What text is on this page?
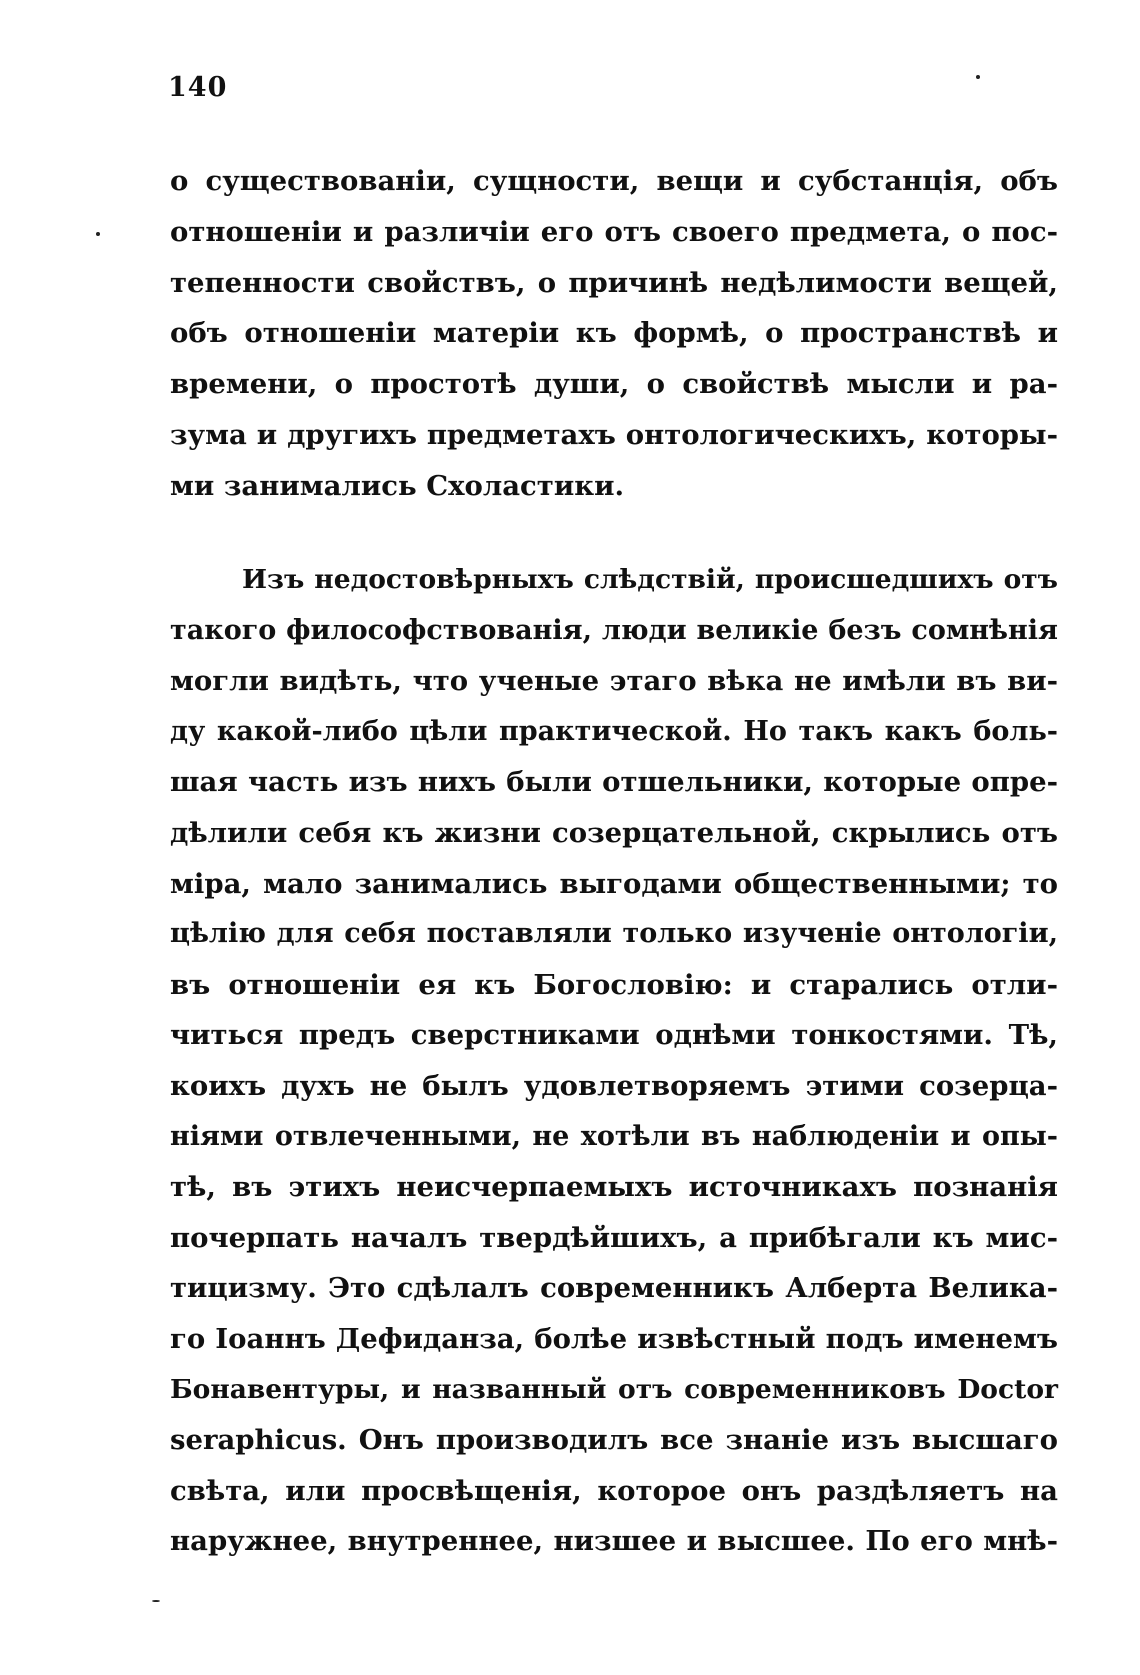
140
о существованіи, сущности, вещи и субстанція, объ
отношеніи и различіи его отъ своего предмета, о пос-
тепенности свойствъ, о причинѣ недѣлимости вещей,
объ отношеніи матеріи къ формѣ, о пространствѣ и
времени, о простотѣ души, о свойствѣ мысли и ра-
зума и другихъ предметахъ онтологическихъ, которы-
ми занимались Схоластики.
Изъ недостовѣрныхъ слѣдствій, происшедшихъ отъ
такого философствованія, люди великіе безъ сомнѣнія
могли видѣть, что ученые этаго вѣка не имѣли въ ви-
ду какой-либо цѣли практической. Но такъ какъ боль-
шая часть изъ нихъ были отшельники, которые опре-
дѣлили себя къ жизни созерцательной, скрылись отъ
міра, мало занимались выгодами общественными; то
цѣлію для себя поставляли только изученіе онтологіи,
въ отношеніи ея къ Богословію: и старались отли-
читься предъ сверстниками однѣми тонкостями. Тѣ,
коихъ духъ не былъ удовлетворяемъ этими созерца-
ніями отвлеченными, не хотѣли въ наблюденіи и опы-
тѣ, въ этихъ неисчерпаемыхъ источникахъ познанія
почерпать началъ твердѣйшихъ, а прибѣгали къ мис-
тицизму. Это сдѣлалъ современникъ Алберта Велика-
го Іоаннъ Дефиданза, болѣе извѣстный подъ именемъ
Бонавентуры, и названный отъ современниковъ Doctor
seraphicus. Онъ производилъ все знаніе изъ высшаго
свѣта, или просвѣщенія, которое онъ раздѣляетъ на
наружнее, внутреннее, низшее и высшее. По его мнѣ-
